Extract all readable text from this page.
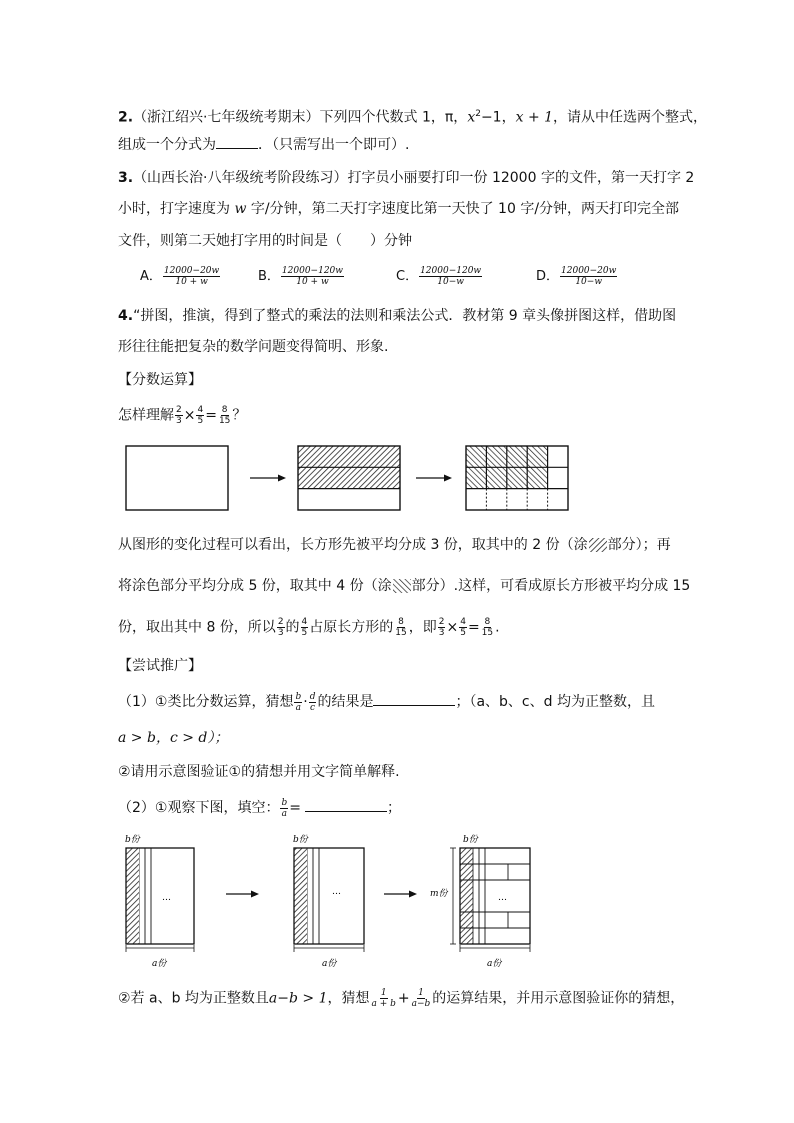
2.（浙江绍兴·七年级统考期末）下列四个代数式 1，π，$x^2-1$，x + 1，请从中任选两个整式，
组成一个分式为	．（只需写出一个即可）.
3.（山西长治·八年级统考阶段练习）打字员小丽要打印一份 12000 字的文件，第一天打字 2
小时，打字速度为 w 字/分钟，第二天打字速度比第一天快了 10 字/分钟，两天打印完全部
文件，则第二天她打字用的时间是（　　）分钟
A． $\frac{12000-20w}{10 + w}$	B． $\frac{12000-120w}{10 + w}$	C． $\frac{12000-120w}{10-w}$	D． $\frac{12000-20w}{10-w}$
4.“拼图，推演，得到了整式的乘法的法则和乘法公式．教材第 9 章头像拼图这样，借助图
形往往能把复杂的数学问题变得简明、形象.
【分数运算】
怎样理解 $\frac{2}{3} \times \frac{4}{5} = \frac{8}{15}$ ？
从图形的变化过程可以看出，长方形先被平均分成 3 份，取其中的 2 份（涂 部分）；再
将涂色部分平均分成 5 份，取其中 4 份（涂 部分）.这样，可看成原长方形被平均分成 15
份，取出其中 8 份，所以 $\frac{2}{3}$ 的 $\frac{4}{5}$ 占原长方形的 $\frac{8}{15}$ ，即 $\frac{2}{3} \times \frac{4}{5} = \frac{8}{15}$ .
【尝试推广】
（1）①类比分数运算，猜想 $\frac{b}{a} \cdot \frac{d}{c}$ 的结果是	；（a、b、c、d 均为正整数，且
a > b，c > d）；
②请用示意图验证①的猜想并用文字简单解释.
（2）①观察下图，填空： $\frac{b}{a}$ =	；
b份
…
a份
b份
…
a份
b份
m份	…
a份
②若 a、b 均为正整数且a−b > 1，猜想 $\frac{1}{a + b} + \frac{1}{a-b}$ 的运算结果，并用示意图验证你的猜想，
